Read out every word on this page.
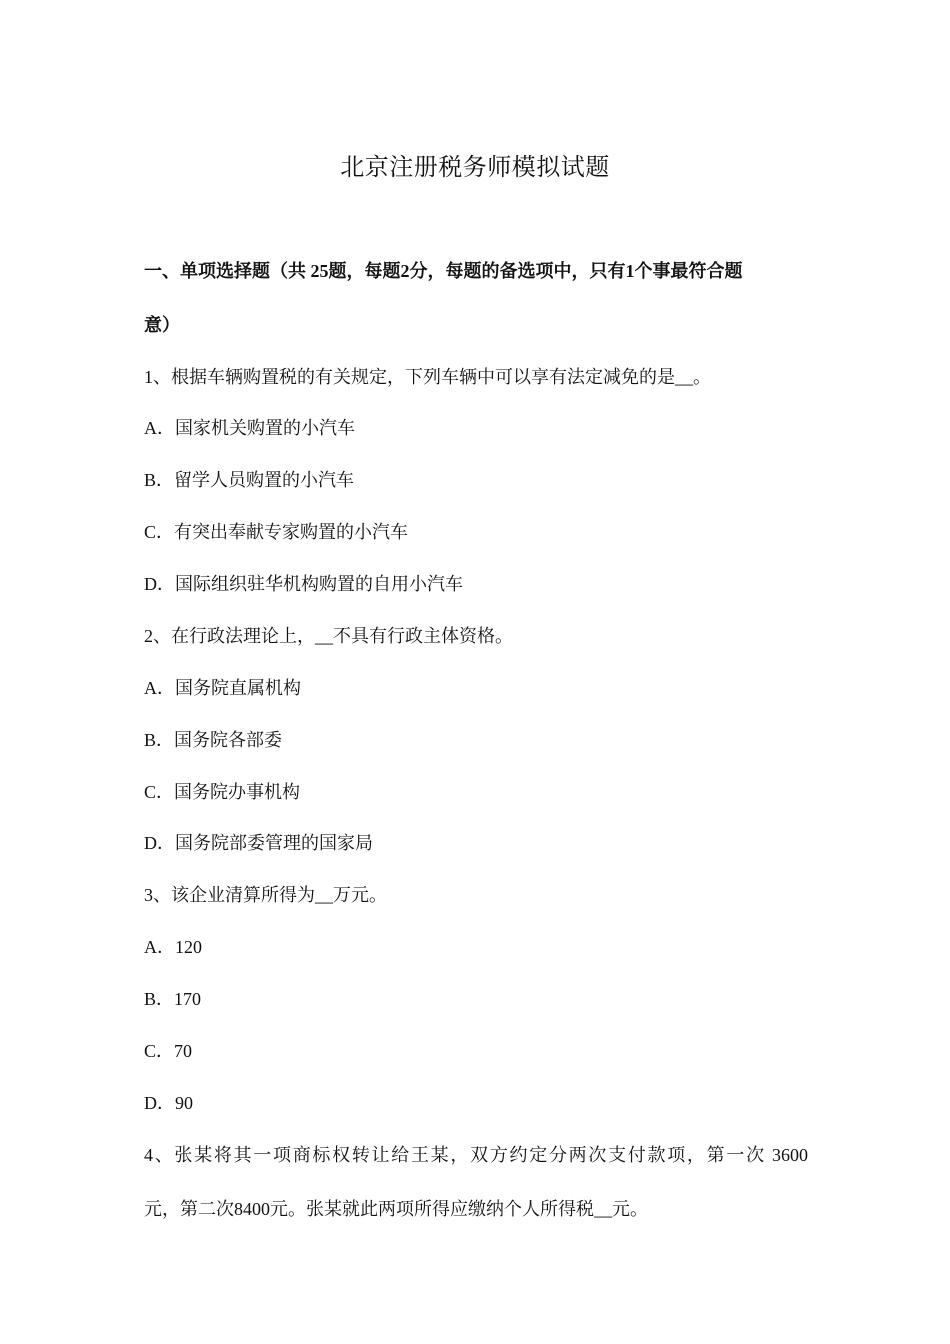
北京注册税务师模拟试题
一、单项选择题（共 25题，每题2分，每题的备选项中，只有1个事最符合题
意）
1、根据车辆购置税的有关规定，下列车辆中可以享有法定减免的是__。
A．国家机关购置的小汽车
B．留学人员购置的小汽车
C．有突出奉献专家购置的小汽车
D．国际组织驻华机构购置的自用小汽车
2、在行政法理论上，__不具有行政主体资格。
A．国务院直属机构
B．国务院各部委
C．国务院办事机构
D．国务院部委管理的国家局
3、该企业清算所得为__万元。
A．120
B．170
C．70
D．90
4、张某将其一项商标权转让给王某，双方约定分两次支付款项，第一次 3600
元，第二次8400元。张某就此两项所得应缴纳个人所得税__元。
